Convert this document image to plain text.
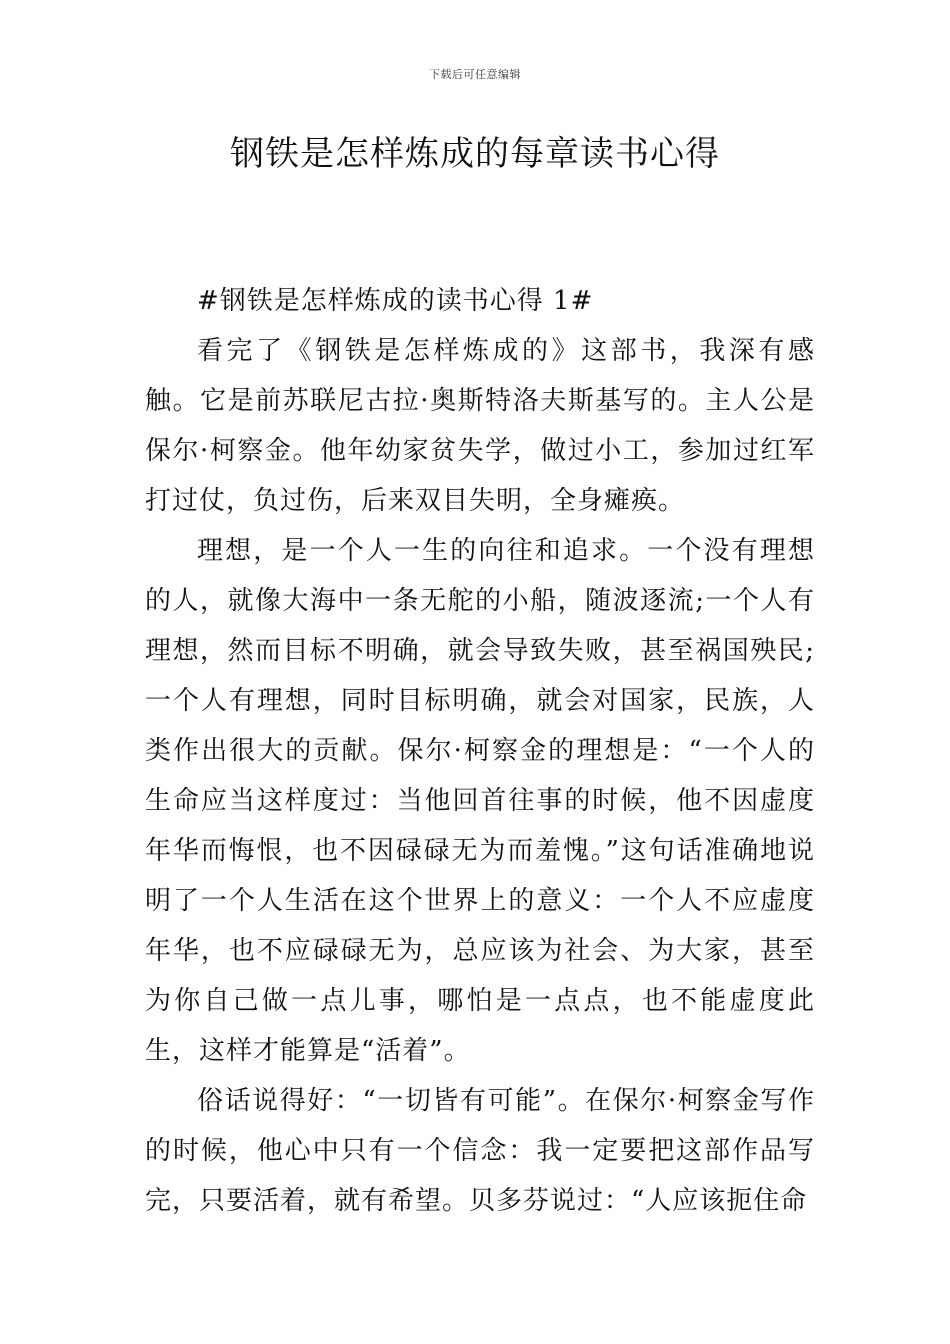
下载后可任意编辑
钢铁是怎样炼成的每章读书心得

#钢铁是怎样炼成的读书心得 1#

看完了《钢铁是怎样炼成的》这部书，我深有感触。它是前苏联尼古拉·奥斯特洛夫斯基写的。主人公是保尔·柯察金。他年幼家贫失学，做过小工，参加过红军打过仗，负过伤，后来双目失明，全身瘫痪。

理想，是一个人一生的向往和追求。一个没有理想的人，就像大海中一条无舵的小船，随波逐流;一个人有理想，然而目标不明确，就会导致失败，甚至祸国殃民;一个人有理想，同时目标明确，就会对国家，民族，人类作出很大的贡献。保尔·柯察金的理想是：“一个人的生命应当这样度过：当他回首往事的时候，他不因虚度年华而悔恨，也不因碌碌无为而羞愧。”这句话准确地说明了一个人生活在这个世界上的意义：一个人不应虚度年华，也不应碌碌无为，总应该为社会、为大家，甚至为你自己做一点儿事，哪怕是一点点，也不能虚度此生，这样才能算是“活着”。

俗话说得好：“一切皆有可能”。在保尔·柯察金写作的时候，他心中只有一个信念：我一定要把这部作品写完，只要活着，就有希望。贝多芬说过：“人应该扼住命
